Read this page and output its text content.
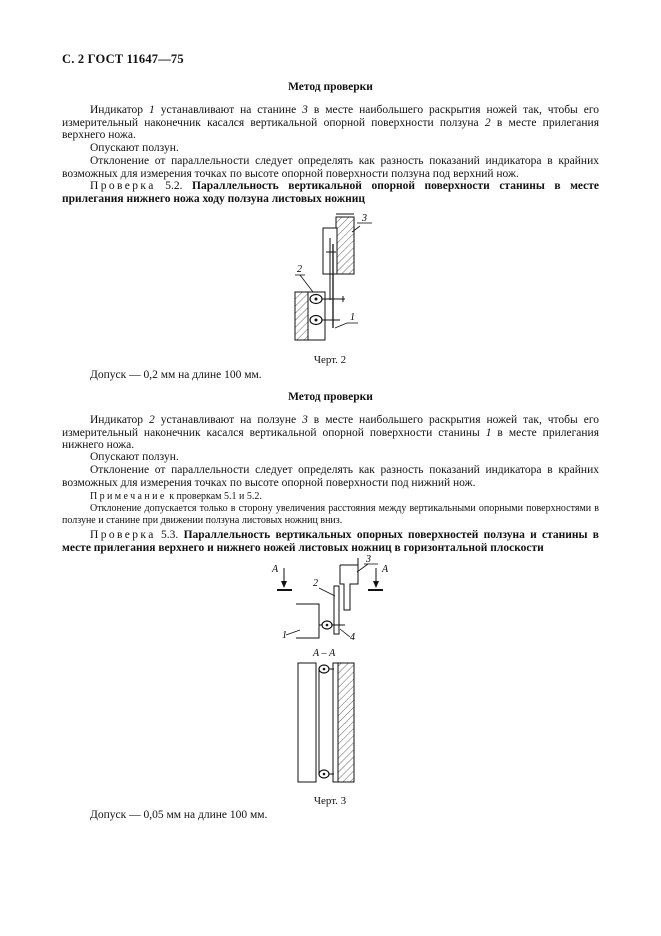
С. 2 ГОСТ 11647—75
Метод проверки
Индикатор 1 устанавливают на станине 3 в месте наибольшего раскрытия ножей так, чтобы его измерительный наконечник касался вертикальной опорной поверхности ползуна 2 в месте прилегания верхнего ножа.
Опускают ползун.
Отклонение от параллельности следует определять как разность показаний индикатора в крайних возможных для измерения точках по высоте опорной поверхности ползуна под верхний нож.
Проверка 5.2. Параллельность вертикальной опорной поверхности станины в месте прилегания нижнего ножа ходу ползуна листовых ножниц
3
2
1
Черт. 2
Допуск — 0,2 мм на длине 100 мм.
Метод проверки
Индикатор 2 устанавливают на ползуне 3 в месте наибольшего раскрытия ножей так, чтобы его измерительный наконечник касался вертикальной опорной поверхности станины 1 в месте прилегания нижнего ножа.
Опускают ползун.
Отклонение от параллельности следует определять как разность показаний индикатора в крайних возможных для измерения точках по высоте опорной поверхности под нижний нож.
Примечание к проверкам 5.1 и 5.2.
Отклонение допускается только в сторону увеличения расстояния между вертикальными опорными поверхностями в ползуне и станине при движении ползуна листовых ножниц вниз.
Проверка 5.3. Параллельность вертикальных опорных поверхностей ползуна и станины в месте прилегания верхнего и нижнего ножей листовых ножниц в горизонтальной плоскости
А	А
3
2
1	4
А – А
Черт. 3
Допуск — 0,05 мм на длине 100 мм.
